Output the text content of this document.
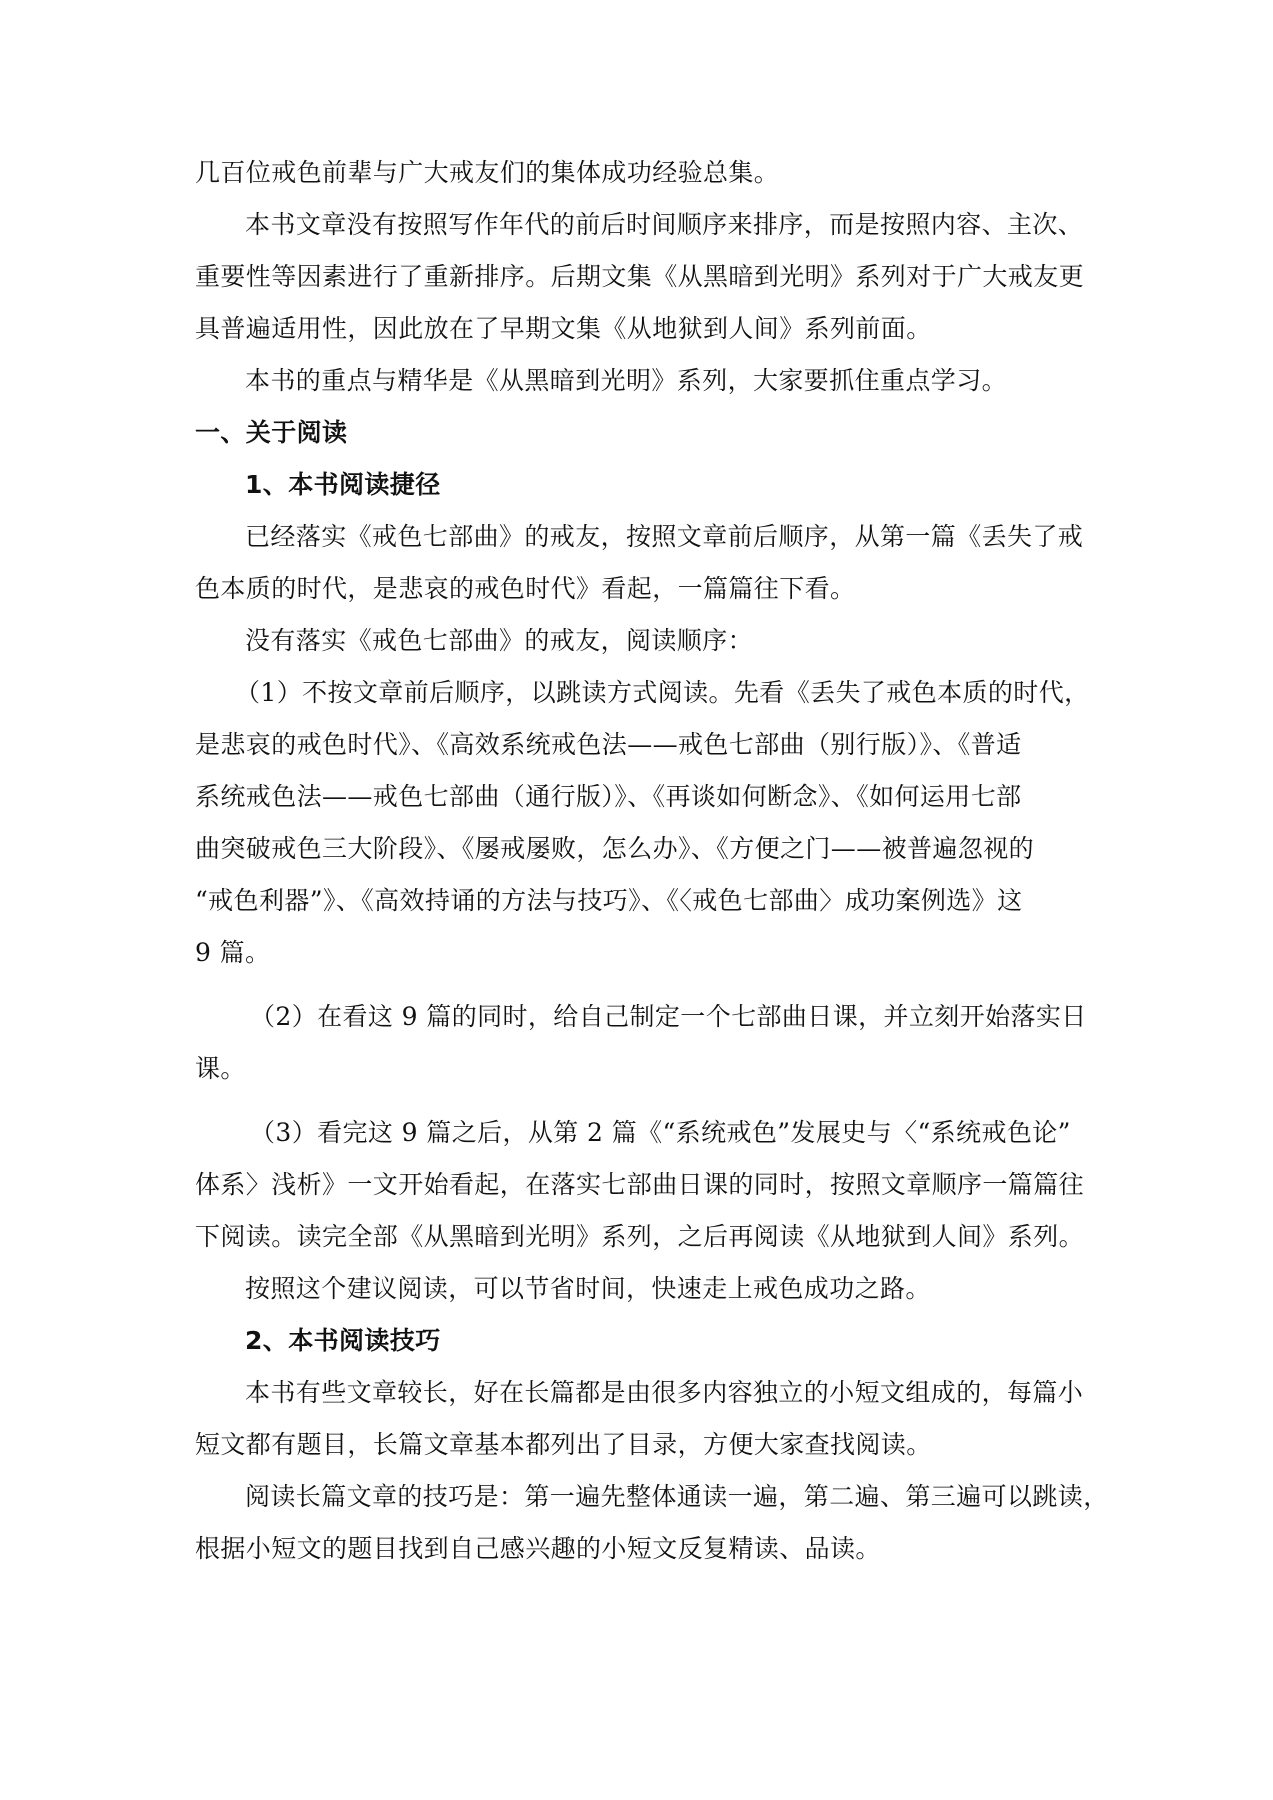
几百位戒色前辈与广大戒友们的集体成功经验总集。
本书文章没有按照写作年代的前后时间顺序来排序，而是按照内容、主次、
重要性等因素进行了重新排序。后期文集《从黑暗到光明》系列对于广大戒友更
具普遍适用性，因此放在了早期文集《从地狱到人间》系列前面。
本书的重点与精华是《从黑暗到光明》系列，大家要抓住重点学习。
一、关于阅读
1、本书阅读捷径
已经落实《戒色七部曲》的戒友，按照文章前后顺序，从第一篇《丢失了戒
色本质的时代，是悲哀的戒色时代》看起，一篇篇往下看。
没有落实《戒色七部曲》的戒友，阅读顺序：
（1）不按文章前后顺序，以跳读方式阅读。先看《丢失了戒色本质的时代，
是悲哀的戒色时代》、《高效系统戒色法——戒色七部曲（别行版）》、《普适
系统戒色法——戒色七部曲（通行版）》、《再谈如何断念》、《如何运用七部
曲突破戒色三大阶段》、《屡戒屡败，怎么办》、《方便之门——被普遍忽视的
“戒色利器”》、《高效持诵的方法与技巧》、《〈戒色七部曲〉成功案例选》这
9 篇。
（2）在看这 9 篇的同时，给自己制定一个七部曲日课，并立刻开始落实日
课。
（3）看完这 9 篇之后，从第 2 篇《“系统戒色”发展史与〈“系统戒色论”
体系〉浅析》一文开始看起，在落实七部曲日课的同时，按照文章顺序一篇篇往
下阅读。读完全部《从黑暗到光明》系列，之后再阅读《从地狱到人间》系列。
按照这个建议阅读，可以节省时间，快速走上戒色成功之路。
2、本书阅读技巧
本书有些文章较长，好在长篇都是由很多内容独立的小短文组成的，每篇小
短文都有题目，长篇文章基本都列出了目录，方便大家查找阅读。
阅读长篇文章的技巧是：第一遍先整体通读一遍，第二遍、第三遍可以跳读，
根据小短文的题目找到自己感兴趣的小短文反复精读、品读。
